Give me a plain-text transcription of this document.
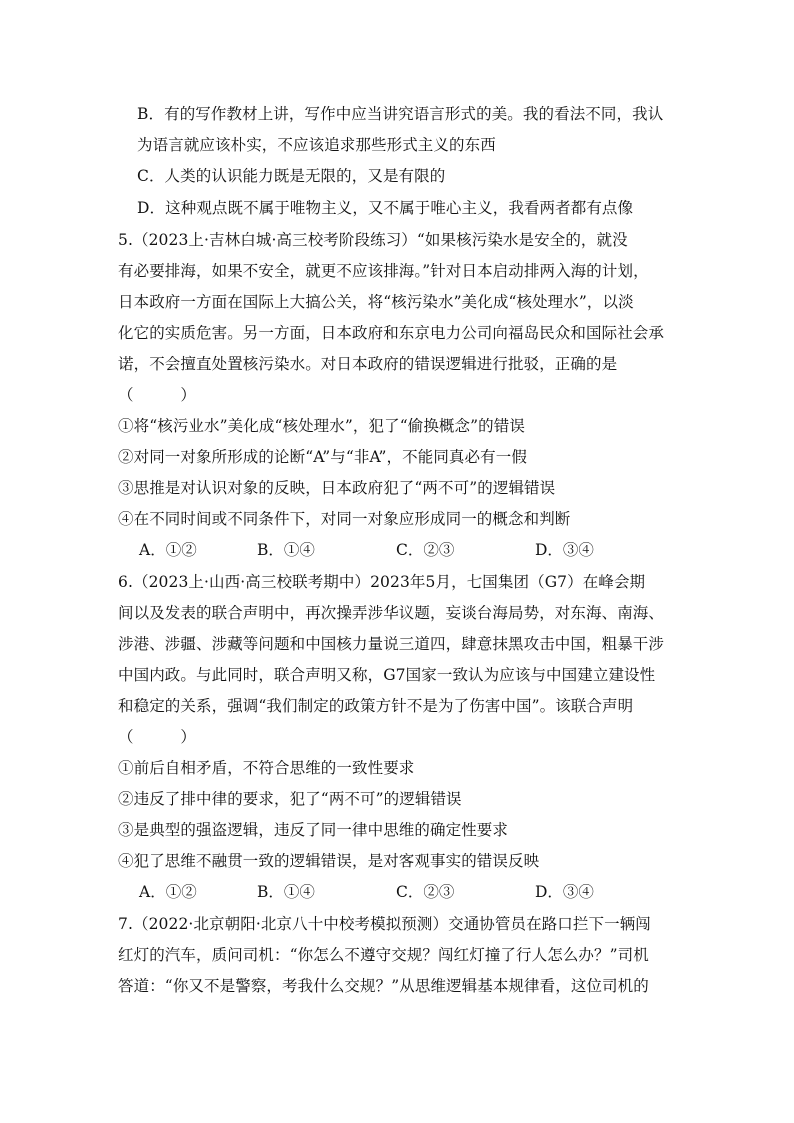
B．有的写作教材上讲，写作中应当讲究语言形式的美。我的看法不同，我认
为语言就应该朴实，不应该追求那些形式主义的东西
C．人类的认识能力既是无限的，又是有限的
D．这种观点既不属于唯物主义，又不属于唯心主义，我看两者都有点像
5.（2023上·吉林白城·高三校考阶段练习）“如果核污染水是安全的，就没
有必要排海，如果不安全，就更不应该排海。”针对日本启动排两入海的计划，
日本政府一方面在国际上大搞公关，将“核污染水”美化成“核处理水”，以淡
化它的实质危害。另一方面，日本政府和东京电力公司向福岛民众和国际社会承
诺，不会擅直处置核污染水。对日本政府的错误逻辑进行批驳，正确的是
（　　　）
①将“核污业水”美化成“核处理水”，犯了“偷换概念”的错误
②对同一对象所形成的论断“A”与“非A”，不能同真必有一假
③思推是对认识对象的反映，日本政府犯了“两不可”的逻辑错误
④在不同时间或不同条件下，对同一对象应形成同一的概念和判断
A．①②	B．①④	C．②③	D．③④
6.（2023上·山西·高三校联考期中）2023年5月，七国集团（G7）在峰会期
间以及发表的联合声明中，再次操弄涉华议题，妄谈台海局势，对东海、南海、
涉港、涉疆、涉藏等问题和中国核力量说三道四，肆意抹黑攻击中国，粗暴干涉
中国内政。与此同时，联合声明又称，G7国家一致认为应该与中国建立建设性
和稳定的关系，强调“我们制定的政策方针不是为了伤害中国”。该联合声明
（　　　）
①前后自相矛盾，不符合思维的一致性要求
②违反了排中律的要求，犯了“两不可”的逻辑错误
③是典型的强盗逻辑，违反了同一律中思维的确定性要求
④犯了思维不融贯一致的逻辑错误，是对客观事实的错误反映
A．①②	B．①④	C．②③	D．③④
7.（2022·北京朝阳·北京八十中校考模拟预测）交通协管员在路口拦下一辆闯
红灯的汽车，质问司机：“你怎么不遵守交规？闯红灯撞了行人怎么办？”司机
答道：“你又不是警察，考我什么交规？”从思维逻辑基本规律看，这位司机的
